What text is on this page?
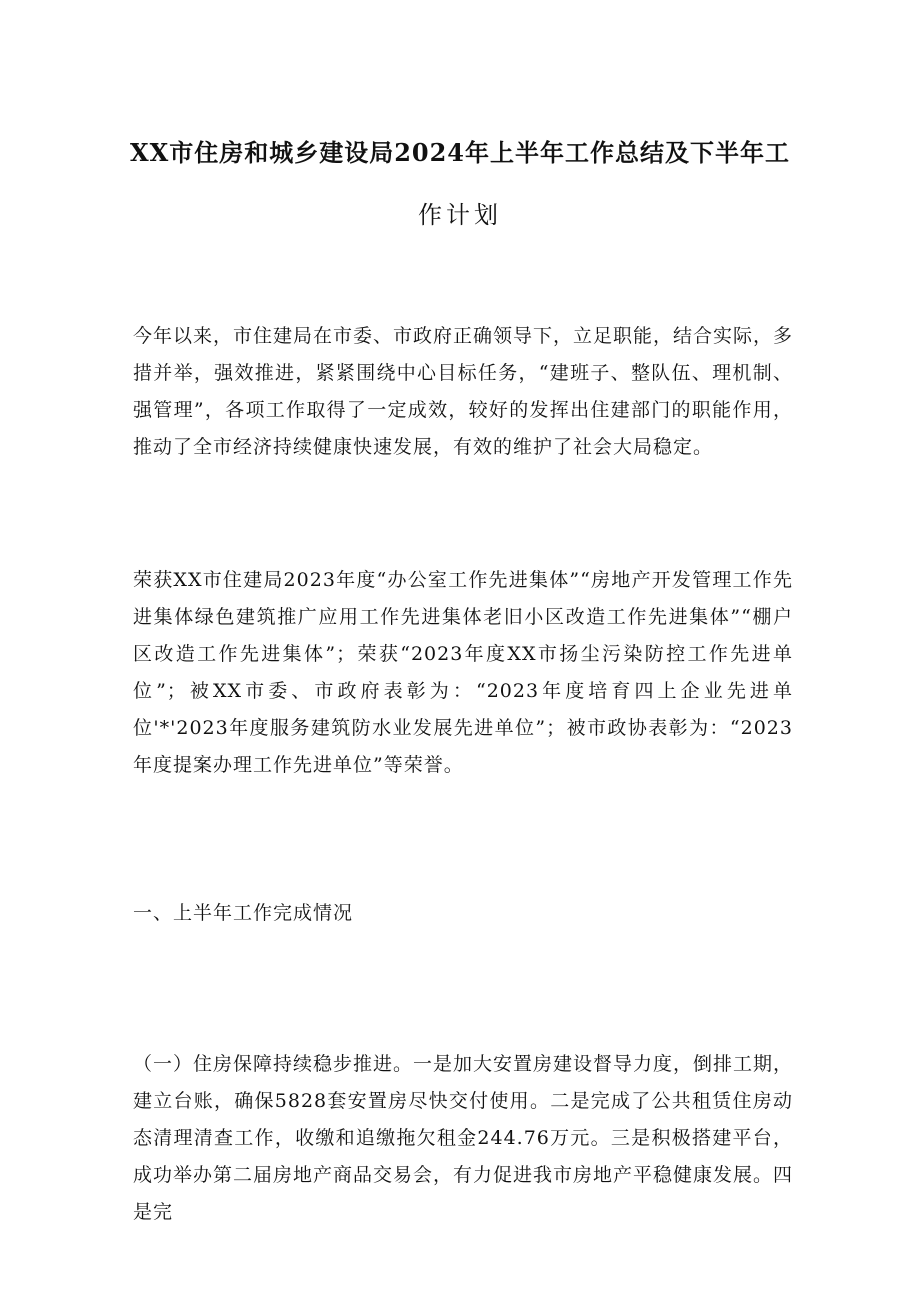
XX市住房和城乡建设局2024年上半年工作总结及下半年工
作计划

今年以来，市住建局在市委、市政府正确领导下，立足职能，结合实际，多措并举，强效推进，紧紧围绕中心目标任务，“建班子、整队伍、理机制、强管理”，各项工作取得了一定成效，较好的发挥出住建部门的职能作用，推动了全市经济持续健康快速发展，有效的维护了社会大局稳定。

荣获XX市住建局2023年度“办公室工作先进集体”“房地产开发管理工作先进集体绿色建筑推广应用工作先进集体老旧小区改造工作先进集体”“棚户区改造工作先进集体”；荣获“2023年度XX市扬尘污染防控工作先进单位”；被XX市委、市政府表彰为：“2023年度培育四上企业先进单位'*'2023年度服务建筑防水业发展先进单位”；被市政协表彰为：“2023年度提案办理工作先进单位”等荣誉。

一、上半年工作完成情况

（一）住房保障持续稳步推进。一是加大安置房建设督导力度，倒排工期，建立台账，确保5828套安置房尽快交付使用。二是完成了公共租赁住房动态清理清查工作，收缴和追缴拖欠租金244.76万元。三是积极搭建平台，成功举办第二届房地产商品交易会，有力促进我市房地产平稳健康发展。四是完
